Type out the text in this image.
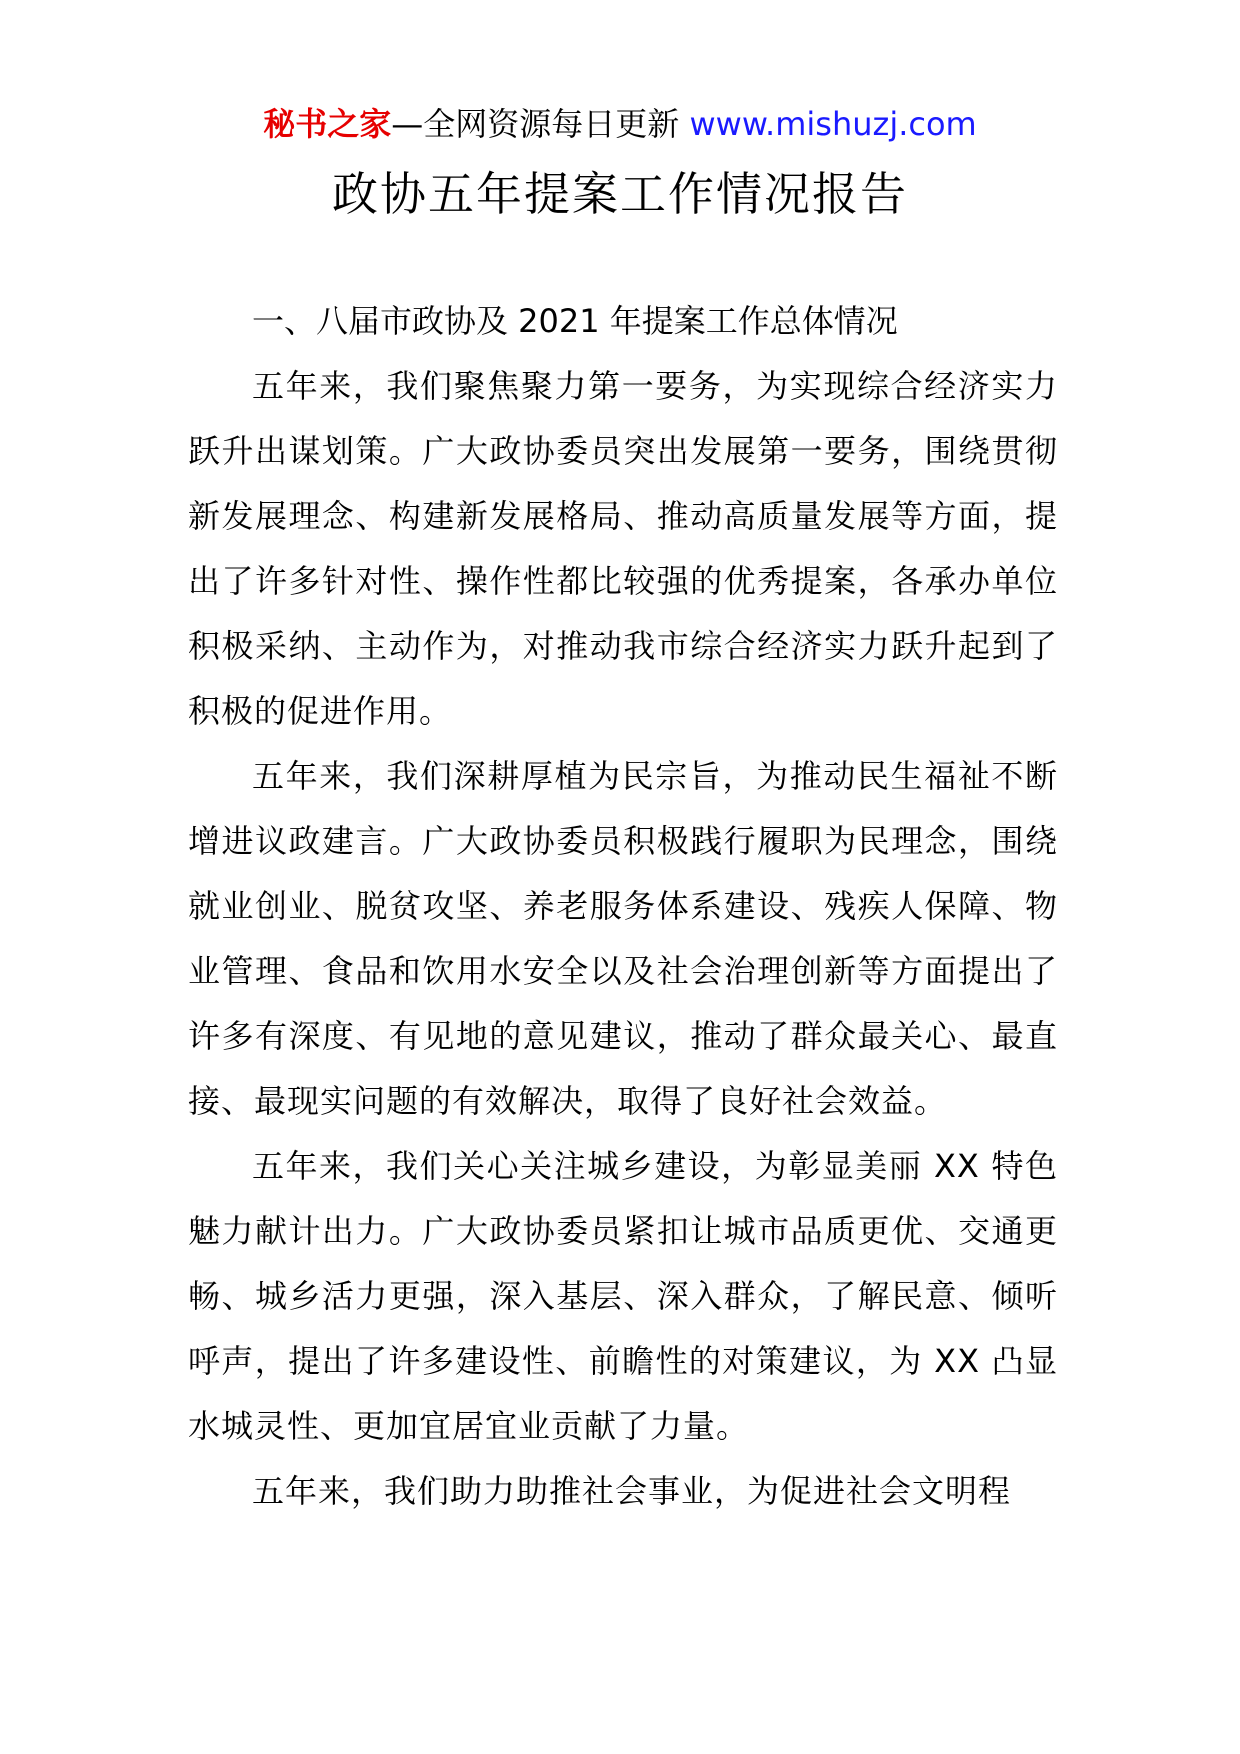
秘书之家—全网资源每日更新 www.mishuzj.com
政协五年提案工作情况报告

一、八届市政协及 2021 年提案工作总体情况

五年来，我们聚焦聚力第一要务，为实现综合经济实力跃升出谋划策。广大政协委员突出发展第一要务，围绕贯彻新发展理念、构建新发展格局、推动高质量发展等方面，提出了许多针对性、操作性都比较强的优秀提案，各承办单位积极采纳、主动作为，对推动我市综合经济实力跃升起到了积极的促进作用。

五年来，我们深耕厚植为民宗旨，为推动民生福祉不断增进议政建言。广大政协委员积极践行履职为民理念，围绕就业创业、脱贫攻坚、养老服务体系建设、残疾人保障、物业管理、食品和饮用水安全以及社会治理创新等方面提出了许多有深度、有见地的意见建议，推动了群众最关心、最直接、最现实问题的有效解决，取得了良好社会效益。

五年来，我们关心关注城乡建设，为彰显美丽 XX 特色魅力献计出力。广大政协委员紧扣让城市品质更优、交通更畅、城乡活力更强，深入基层、深入群众，了解民意、倾听呼声，提出了许多建设性、前瞻性的对策建议，为 XX 凸显水城灵性、更加宜居宜业贡献了力量。

五年来，我们助力助推社会事业，为促进社会文明程
